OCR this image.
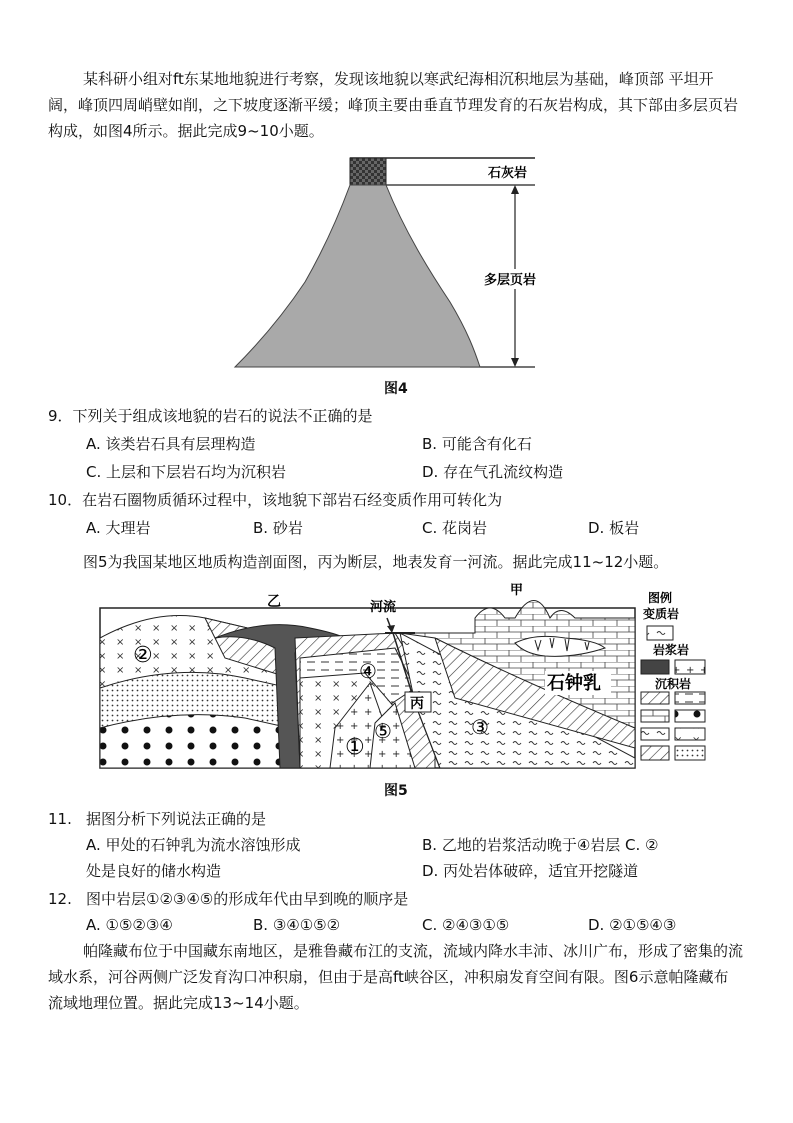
某科研小组对ft东某地地貌进行考察，发现该地貌以寒武纪海相沉积地层为基础，峰顶部 平坦开阔，峰顶四周峭壁如削，之下坡度逐渐平缓；峰顶主要由垂直节理发育的石灰岩构成，其下部由多层页岩构成，如图4所示。据此完成9~10小题。
石灰岩
多层页岩
图4
9．下列关于组成该地貌的岩石的说法不正确的是
A. 该类岩石具有层理构造	B. 可能含有化石
C. 上层和下层岩石均为沉积岩	D. 存在气孔流纹构造
10．在岩石圈物质循环过程中，该地貌下部岩石经变质作用可转化为
A. 大理岩	B. 砂岩	C. 花岗岩	D. 板岩
图5为我国某地区地质构造剖面图，丙为断层，地表发育一河流。据此完成11~12小题。
乙
甲
河流
丙
石钟乳
②
④
③
①
⑤
图例
变质岩
岩浆岩
沉积岩
图5
11. 据图分析下列说法正确的是
A. 甲处的石钟乳为流水溶蚀形成	B. 乙地的岩浆活动晚于④岩层 C. ②
处是良好的储水构造	D. 丙处岩体破碎，适宜开挖隧道
12. 图中岩层①②③④⑤的形成年代由早到晚的顺序是
A. ①⑤②③④	B. ③④①⑤②	C. ②④③①⑤	D. ②①⑤④③
帕隆藏布位于中国藏东南地区，是雅鲁藏布江的支流，流域内降水丰沛、冰川广布，形成了密集的流域水系，河谷两侧广泛发育沟口冲积扇，但由于是高ft峡谷区，冲积扇发育空间有限。图6示意帕隆藏布流域地理位置。据此完成13~14小题。
